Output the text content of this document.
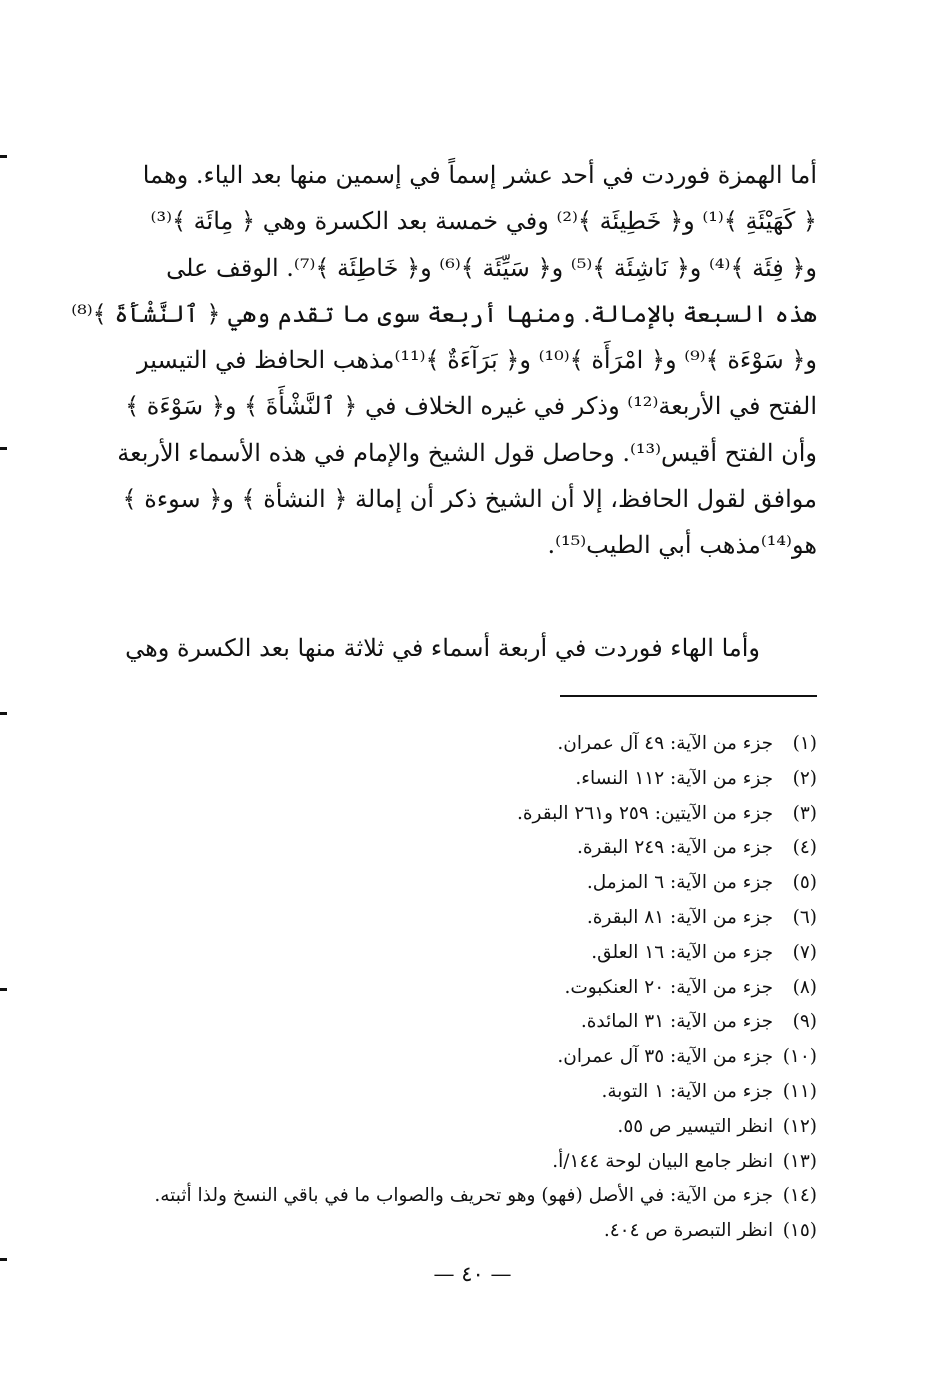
أما الهمزة فوردت في أحد عشر إسماً في إسمين منها بعد الياء. وهما
﴿ كَهَيْئَةِ ﴾⁽¹⁾ و﴿ خَطِيئَة ﴾⁽²⁾ وفي خمسة بعد الكسرة وهي ﴿ مِائَة ﴾⁽³⁾
و﴿ فِئَة ﴾⁽⁴⁾ و﴿ نَاشِئَة ﴾⁽⁵⁾ و﴿ سَيِّئَة ﴾⁽⁶⁾ و﴿ خَاطِئَة ﴾⁽⁷⁾. الوقف على
هذه السبعة بالإمالة. ومنها أربعة سوى ما تقدم وهي ﴿ ٱلنَّشْأَةَ ﴾⁽⁸⁾
و﴿ سَوْءَة ﴾⁽⁹⁾ و﴿ امْرَأَة ﴾⁽¹⁰⁾ و﴿ بَرَآءَةٌ ﴾⁽¹¹⁾مذهب الحافظ في التيسير
الفتح في الأربعة⁽¹²⁾ وذكر في غيره الخلاف في ﴿ ٱلنَّشْأَةَ ﴾ و﴿ سَوْءَة ﴾
وأن الفتح أقيس⁽¹³⁾. وحاصل قول الشيخ والإمام في هذه الأسماء الأربعة
موافق لقول الحافظ، إلا أن الشيخ ذكر أن إمالة ﴿ النشأة ﴾ و﴿ سوءة ﴾
هو⁽¹⁴⁾مذهب أبي الطيب⁽¹⁵⁾.
وأما الهاء فوردت في أربعة أسماء في ثلاثة منها بعد الكسرة وهي
(١) جزء من الآية: ٤٩ آل عمران.
(٢) جزء من الآية: ١١٢ النساء.
(٣) جزء من الآيتين: ٢٥٩ و٢٦١ البقرة.
(٤) جزء من الآية: ٢٤٩ البقرة.
(٥) جزء من الآية: ٦ المزمل.
(٦) جزء من الآية: ٨١ البقرة.
(٧) جزء من الآية: ١٦ العلق.
(٨) جزء من الآية: ٢٠ العنكبوت.
(٩) جزء من الآية: ٣١ المائدة.
(١٠) جزء من الآية: ٣٥ آل عمران.
(١١) جزء من الآية: ١ التوبة.
(١٢) انظر التيسير ص ٥٥.
(١٣) انظر جامع البيان لوحة ١٤٤/أ.
(١٤) جزء من الآية: في الأصل (فهو) وهو تحريف والصواب ما في باقي النسخ ولذا أثبته.
(١٥) انظر التبصرة ص ٤٠٤.
— ٤٠ —
